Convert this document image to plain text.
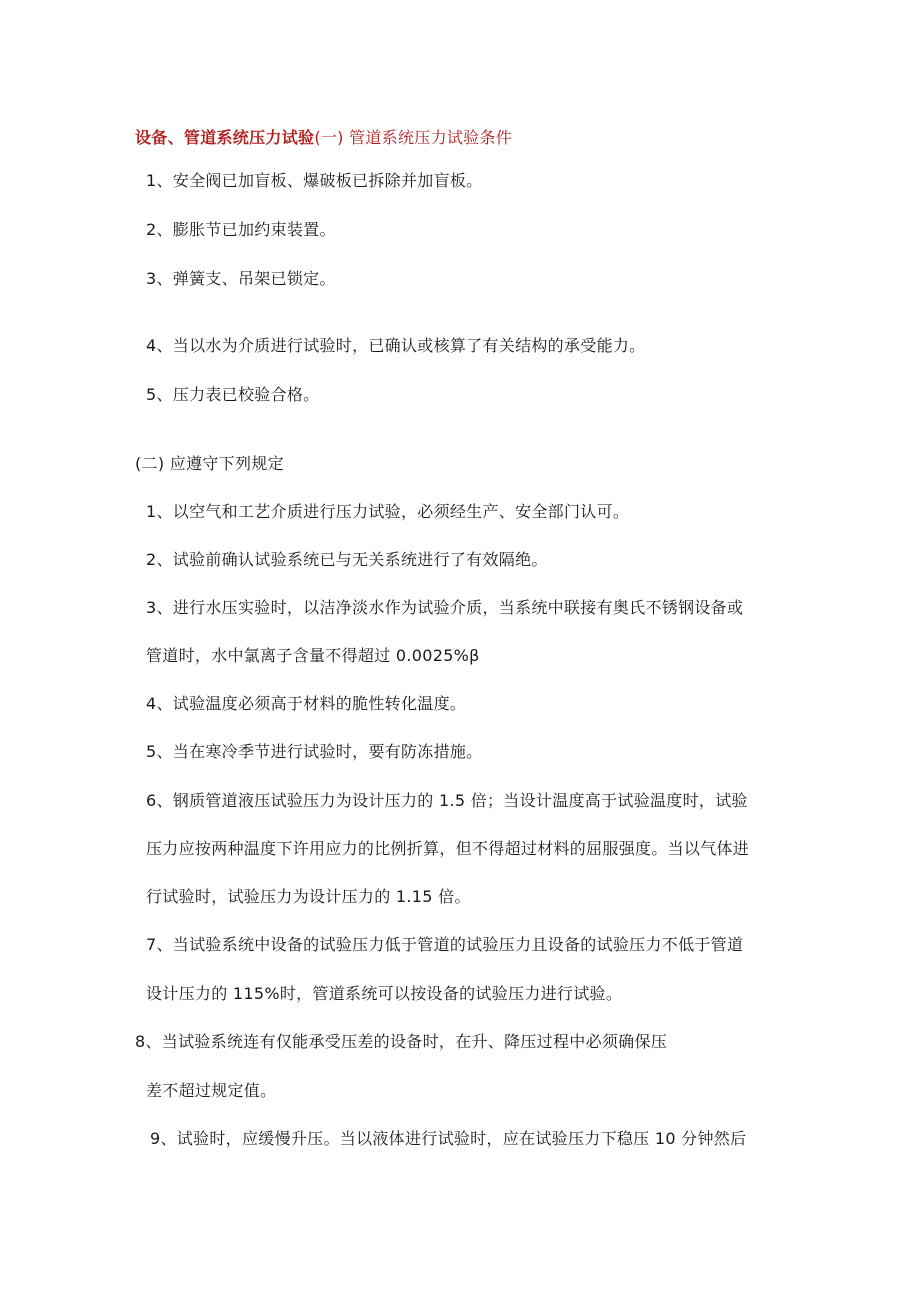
设备、管道系统压力试验(一) 管道系统压力试验条件
1、安全阀已加盲板、爆破板已拆除并加盲板。
2、膨胀节已加约束装置。
3、弹簧支、吊架已锁定。
4、当以水为介质进行试验时，已确认或核算了有关结构的承受能力。
5、压力表已校验合格。
(二) 应遵守下列规定
1、以空气和工艺介质进行压力试验，必须经生产、安全部门认可。
2、试验前确认试验系统已与无关系统进行了有效隔绝。
3、进行水压实验时，以洁净淡水作为试验介质，当系统中联接有奥氏不锈钢设备或
管道时，水中氯离子含量不得超过 0.0025%β
4、试验温度必须高于材料的脆性转化温度。
5、当在寒冷季节进行试验时，要有防冻措施。
6、钢质管道液压试验压力为设计压力的 1.5 倍；当设计温度高于试验温度时，试验
压力应按两种温度下许用应力的比例折算，但不得超过材料的屈服强度。当以气体进
行试验时，试验压力为设计压力的 1.15 倍。
7、当试验系统中设备的试验压力低于管道的试验压力且设备的试验压力不低于管道
设计压力的 115%时，管道系统可以按设备的试验压力进行试验。
8、当试验系统连有仅能承受压差的设备时，在升、降压过程中必须确保压
差不超过规定值。
9、试验时，应缓慢升压。当以液体进行试验时，应在试验压力下稳压 10 分钟然后
